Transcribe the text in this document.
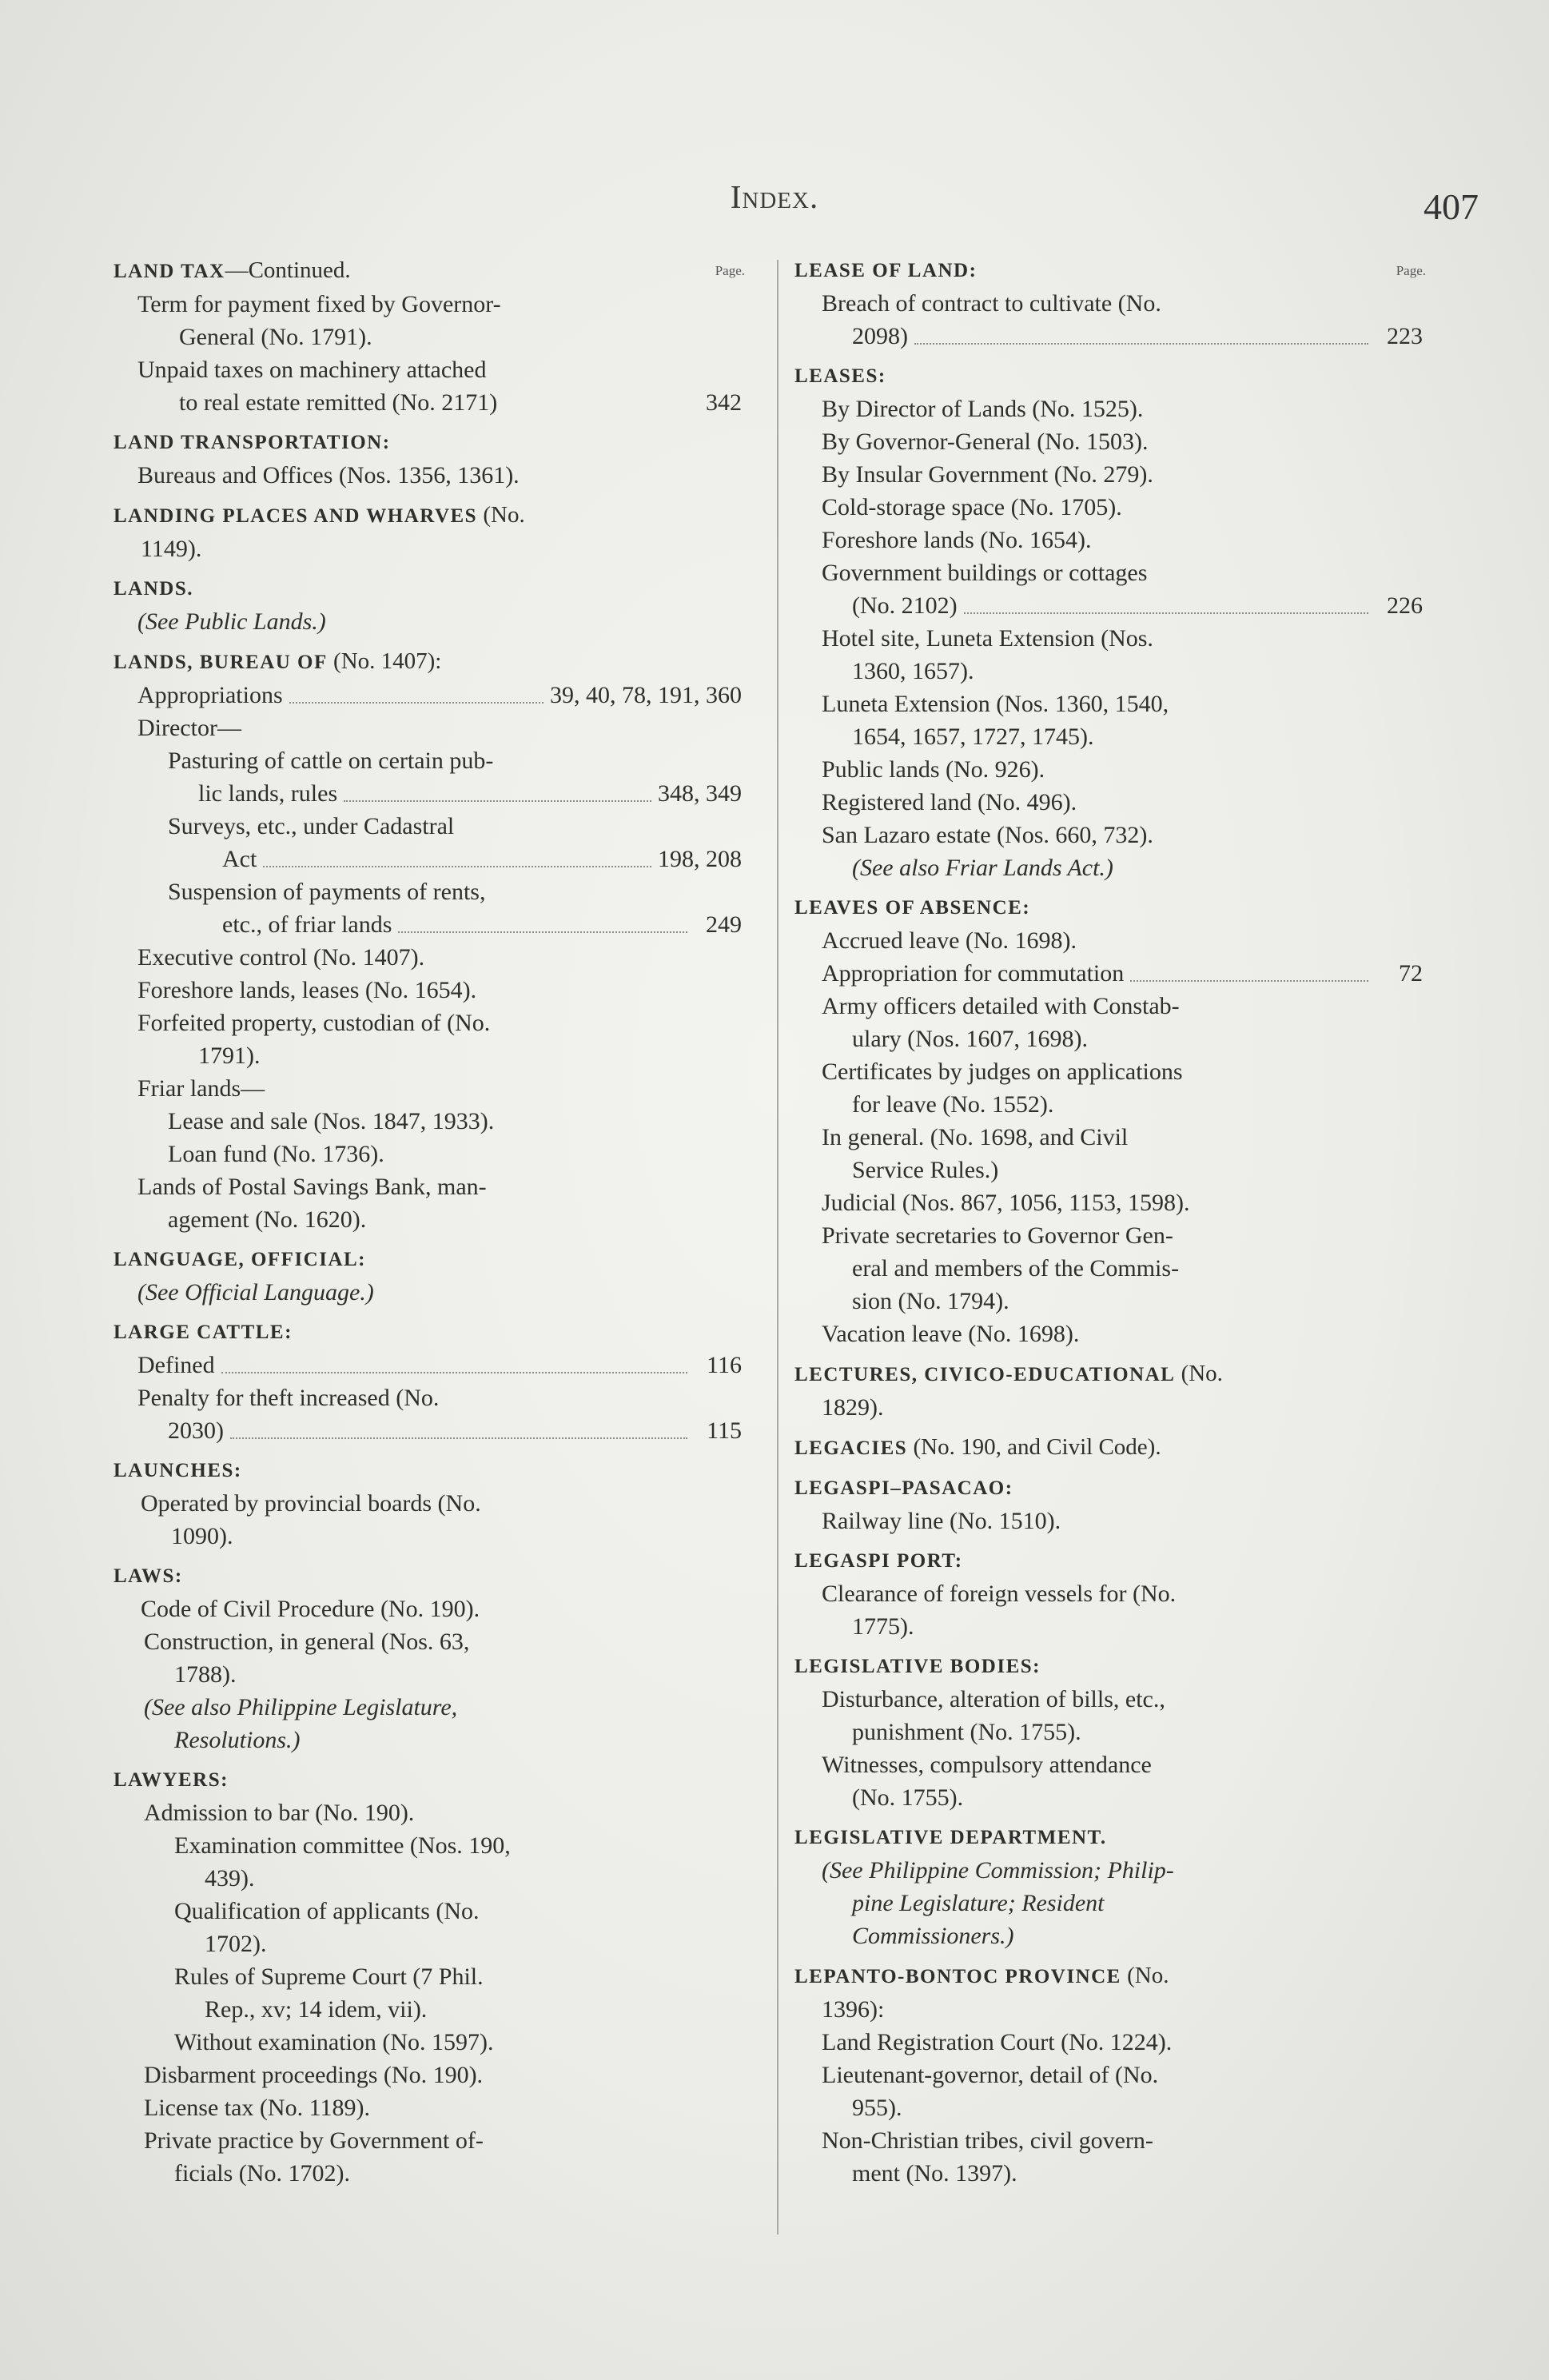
Index.	407
Page.
LAND TAX—Continued.
Term for payment fixed by Governor-
General (No. 1791).
Unpaid taxes on machinery attached
to real estate remitted (No. 2171)	342
LAND TRANSPORTATION:
Bureaus and Offices (Nos. 1356, 1361).
LANDING PLACES AND WHARVES (No.
1149).
LANDS.
(See Public Lands.)
LANDS, BUREAU OF (No. 1407):
Appropriations	39, 40, 78, 191, 360
Director—
Pasturing of cattle on certain pub-
lic lands, rules	348, 349
Surveys, etc., under Cadastral
Act	198, 208
Suspension of payments of rents,
etc., of friar lands	249
Executive control (No. 1407).
Foreshore lands, leases (No. 1654).
Forfeited property, custodian of (No.
1791).
Friar lands—
Lease and sale (Nos. 1847, 1933).
Loan fund (No. 1736).
Lands of Postal Savings Bank, man-
agement (No. 1620).
LANGUAGE, OFFICIAL:
(See Official Language.)
LARGE CATTLE:
Defined	116
Penalty for theft increased (No.
2030)	115
LAUNCHES:
Operated by provincial boards (No.
1090).
LAWS:
Code of Civil Procedure (No. 190).
Construction, in general (Nos. 63,
1788).
(See also Philippine Legislature,
Resolutions.)
LAWYERS:
Admission to bar (No. 190).
Examination committee (Nos. 190,
439).
Qualification of applicants (No.
1702).
Rules of Supreme Court (7 Phil.
Rep., xv; 14 idem, vii).
Without examination (No. 1597).
Disbarment proceedings (No. 190).
License tax (No. 1189).
Private practice by Government of-
ficials (No. 1702).
Page.
LEASE OF LAND:
Breach of contract to cultivate (No.
2098)	223
LEASES:
By Director of Lands (No. 1525).
By Governor-General (No. 1503).
By Insular Government (No. 279).
Cold-storage space (No. 1705).
Foreshore lands (No. 1654).
Government buildings or cottages
(No. 2102)	226
Hotel site, Luneta Extension (Nos.
1360, 1657).
Luneta Extension (Nos. 1360, 1540,
1654, 1657, 1727, 1745).
Public lands (No. 926).
Registered land (No. 496).
San Lazaro estate (Nos. 660, 732).
(See also Friar Lands Act.)
LEAVES OF ABSENCE:
Accrued leave (No. 1698).
Appropriation for commutation	72
Army officers detailed with Constab-
ulary (Nos. 1607, 1698).
Certificates by judges on applications
for leave (No. 1552).
In general. (No. 1698, and Civil
Service Rules.)
Judicial (Nos. 867, 1056, 1153, 1598).
Private secretaries to Governor Gen-
eral and members of the Commis-
sion (No. 1794).
Vacation leave (No. 1698).
LECTURES, CIVICO-EDUCATIONAL (No.
1829).
LEGACIES (No. 190, and Civil Code).
LEGASPI–PASACAO:
Railway line (No. 1510).
LEGASPI PORT:
Clearance of foreign vessels for (No.
1775).
LEGISLATIVE BODIES:
Disturbance, alteration of bills, etc.,
punishment (No. 1755).
Witnesses, compulsory attendance
(No. 1755).
LEGISLATIVE DEPARTMENT.
(See Philippine Commission; Philip-
pine Legislature; Resident
Commissioners.)
LEPANTO-BONTOC PROVINCE (No.
1396):
Land Registration Court (No. 1224).
Lieutenant-governor, detail of (No.
955).
Non-Christian tribes, civil govern-
ment (No. 1397).
